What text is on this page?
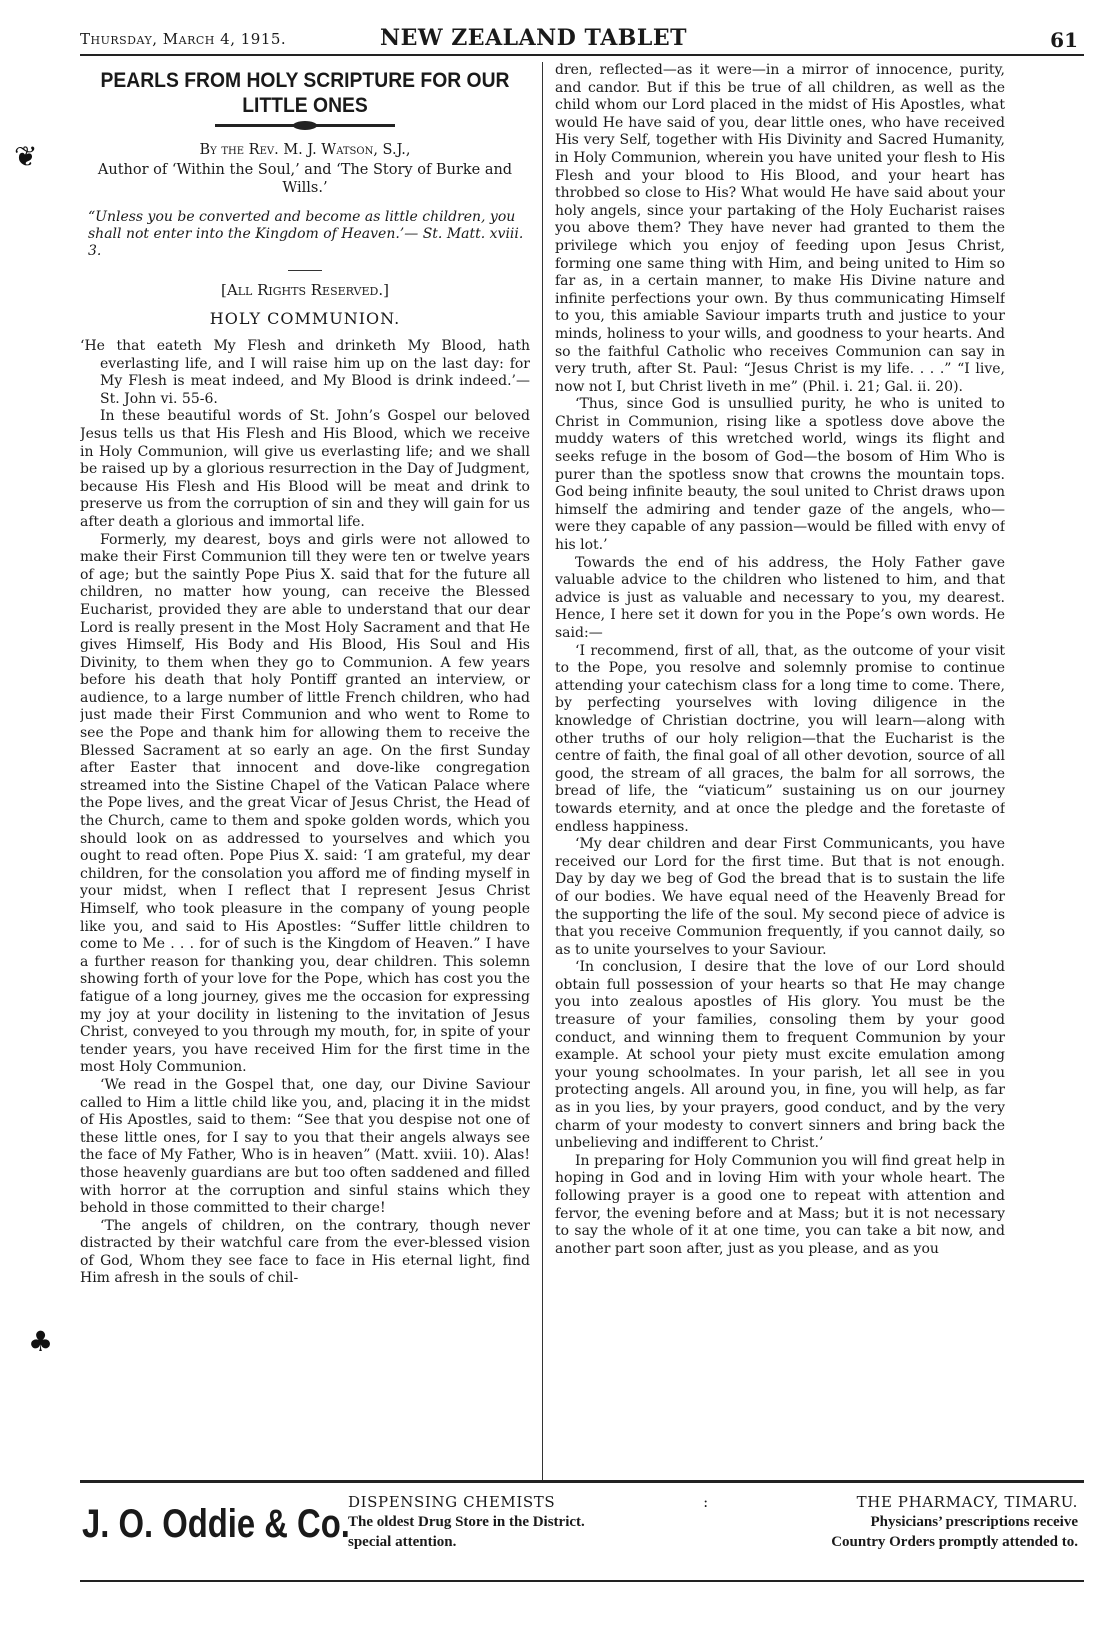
Thursday, March 4, 1915.	NEW ZEALAND TABLET	61
PEARLS FROM HOLY SCRIPTURE FOR OUR LITTLE ONES
By the Rev. M. J. Watson, S.J.,
Author of ‘Within the Soul,’ and ‘The Story of Burke and Wills.’
“Unless you be converted and become as little children, you shall not enter into the Kingdom of Heaven.’— St. Matt. xviii. 3.
[All Rights Reserved.]
HOLY COMMUNION.

‘He that eateth My Flesh and drinketh My Blood, hath everlasting life, and I will raise him up on the last day: for My Flesh is meat indeed, and My Blood is drink indeed.’—St. John vi. 55-6.

In these beautiful words of St. John’s Gospel our beloved Jesus tells us that His Flesh and His Blood, which we receive in Holy Communion, will give us everlasting life; and we shall be raised up by a glorious resurrection in the Day of Judgment, because His Flesh and His Blood will be meat and drink to preserve us from the corruption of sin and they will gain for us after death a glorious and immortal life.

Formerly, my dearest, boys and girls were not allowed to make their First Communion till they were ten or twelve years of age; but the saintly Pope Pius X. said that for the future all children, no matter how young, can receive the Blessed Eucharist, provided they are able to understand that our dear Lord is really present in the Most Holy Sacrament and that He gives Himself, His Body and His Blood, His Soul and His Divinity, to them when they go to Communion. A few years before his death that holy Pontiff granted an interview, or audience, to a large number of little French children, who had just made their First Communion and who went to Rome to see the Pope and thank him for allowing them to receive the Blessed Sacrament at so early an age. On the first Sunday after Easter that innocent and dove-like congregation streamed into the Sistine Chapel of the Vatican Palace where the Pope lives, and the great Vicar of Jesus Christ, the Head of the Church, came to them and spoke golden words, which you should look on as addressed to yourselves and which you ought to read often. Pope Pius X. said: ‘I am grateful, my dear children, for the consolation you afford me of finding myself in your midst, when I reflect that I represent Jesus Christ Himself, who took pleasure in the company of young people like you, and said to His Apostles: “Suffer little children to come to Me . . . for of such is the Kingdom of Heaven.” I have a further reason for thanking you, dear children. This solemn showing forth of your love for the Pope, which has cost you the fatigue of a long journey, gives me the occasion for expressing my joy at your docility in listening to the invitation of Jesus Christ, conveyed to you through my mouth, for, in spite of your tender years, you have received Him for the first time in the most Holy Communion.

‘We read in the Gospel that, one day, our Divine Saviour called to Him a little child like you, and, placing it in the midst of His Apostles, said to them: “See that you despise not one of these little ones, for I say to you that their angels always see the face of My Father, Who is in heaven” (Matt. xviii. 10). Alas! those heavenly guardians are but too often saddened and filled with horror at the corruption and sinful stains which they behold in those committed to their charge!

‘The angels of children, on the contrary, though never distracted by their watchful care from the ever-blessed vision of God, Whom they see face to face in His eternal light, find Him afresh in the souls of chil-

dren, reflected—as it were—in a mirror of innocence, purity, and candor. But if this be true of all children, as well as the child whom our Lord placed in the midst of His Apostles, what would He have said of you, dear little ones, who have received His very Self, together with His Divinity and Sacred Humanity, in Holy Communion, wherein you have united your flesh to His Flesh and your blood to His Blood, and your heart has throbbed so close to His? What would He have said about your holy angels, since your partaking of the Holy Eucharist raises you above them? They have never had granted to them the privilege which you enjoy of feeding upon Jesus Christ, forming one same thing with Him, and being united to Him so far as, in a certain manner, to make His Divine nature and infinite perfections your own. By thus communicating Himself to you, this amiable Saviour imparts truth and justice to your minds, holiness to your wills, and goodness to your hearts. And so the faithful Catholic who receives Communion can say in very truth, after St. Paul: “Jesus Christ is my life. . . .” “I live, now not I, but Christ liveth in me” (Phil. i. 21; Gal. ii. 20).

‘Thus, since God is unsullied purity, he who is united to Christ in Communion, rising like a spotless dove above the muddy waters of this wretched world, wings its flight and seeks refuge in the bosom of God—the bosom of Him Who is purer than the spotless snow that crowns the mountain tops. God being infinite beauty, the soul united to Christ draws upon himself the admiring and tender gaze of the angels, who—were they capable of any passion—would be filled with envy of his lot.’

Towards the end of his address, the Holy Father gave valuable advice to the children who listened to him, and that advice is just as valuable and necessary to you, my dearest. Hence, I here set it down for you in the Pope’s own words. He said:—

‘I recommend, first of all, that, as the outcome of your visit to the Pope, you resolve and solemnly promise to continue attending your catechism class for a long time to come. There, by perfecting yourselves with loving diligence in the knowledge of Christian doctrine, you will learn—along with other truths of our holy religion—that the Eucharist is the centre of faith, the final goal of all other devotion, source of all good, the stream of all graces, the balm for all sorrows, the bread of life, the “viaticum” sustaining us on our journey towards eternity, and at once the pledge and the foretaste of endless happiness.

‘My dear children and dear First Communicants, you have received our Lord for the first time. But that is not enough. Day by day we beg of God the bread that is to sustain the life of our bodies. We have equal need of the Heavenly Bread for the supporting the life of the soul. My second piece of advice is that you receive Communion frequently, if you cannot daily, so as to unite yourselves to your Saviour.

‘In conclusion, I desire that the love of our Lord should obtain full possession of your hearts so that He may change you into zealous apostles of His glory. You must be the treasure of your families, consoling them by your good conduct, and winning them to frequent Communion by your example. At school your piety must excite emulation among your young schoolmates. In your parish, let all see in you protecting angels. All around you, in fine, you will help, as far as in you lies, by your prayers, good conduct, and by the very charm of your modesty to convert sinners and bring back the unbelieving and indifferent to Christ.’

In preparing for Holy Communion you will find great help in hoping in God and in loving Him with your whole heart. The following prayer is a good one to repeat with attention and fervor, the evening before and at Mass; but it is not necessary to say the whole of it at one time, you can take a bit now, and another part soon after, just as you please, and as you

J. O. Oddie & Co.
DISPENSING CHEMISTS	:	THE PHARMACY, TIMARU.
The oldest Drug Store in the District.	Physicians’ prescriptions receive
special attention.	Country Orders promptly attended to.
❦
♣
